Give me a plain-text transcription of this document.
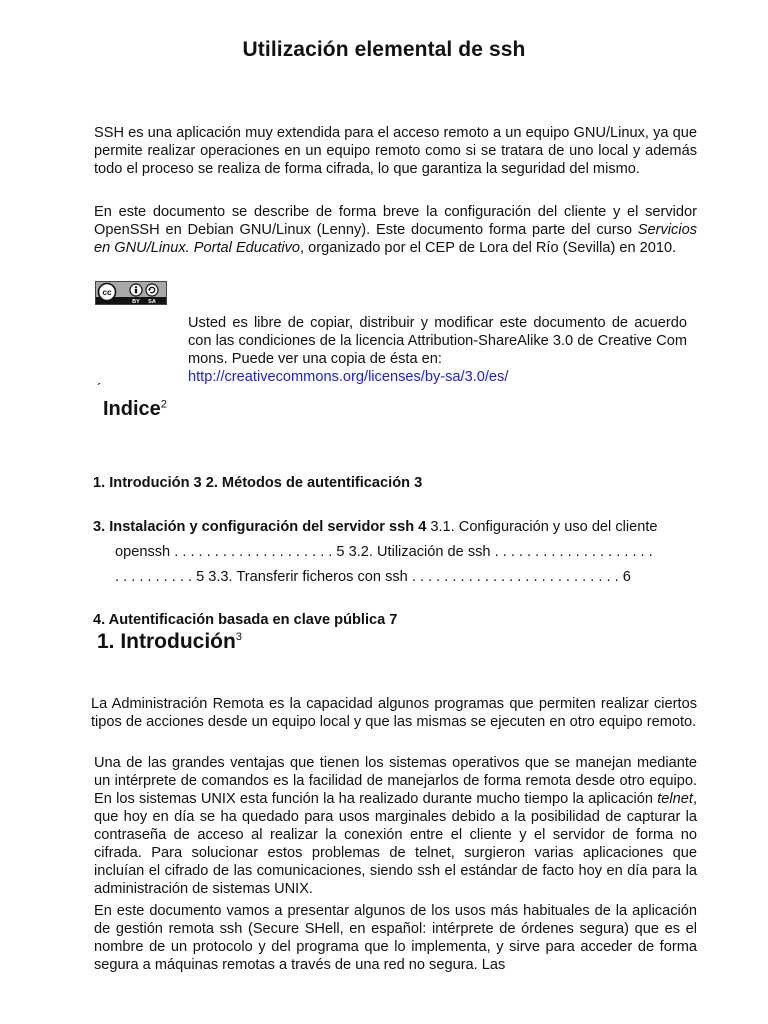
Utilización elemental de ssh

SSH es una aplicación muy extendida para el acceso remoto a un equipo GNU/Linux, ya que permite realizar operaciones en un equipo remoto como si se tratara de uno local y además todo el proceso se realiza de forma cifrada, lo que garantiza la seguridad del mismo.

En este documento se describe de forma breve la configuración del cliente y el servidor OpenSSH en Debian GNU/Linux (Lenny). Este documento forma parte del curso Servicios en GNU/Linux. Portal Educativo, organizado por el CEP de Lora del Río (Sevilla) en 2010.

cc
BY SA
Usted es libre de copiar, distribuir y modificar este documento de acuerdo con las condiciones de la licencia Attribution-ShareAlike 3.0 de Creative Com mons. Puede ver una copia de ésta en:
http://creativecommons.org/licenses/by-sa/3.0/es/
´
Indice$^2$
1. Introdución 3 2. Métodos de autentificación 3
3. Instalación y configuración del servidor ssh 4 3.1. Configuración y uso del cliente
openssh . . . . . . . . . . . . . . . . . . . . 5 3.2. Utilización de ssh . . . . . . . . . . . . . . . . . . . .
. . . . . . . . . . 5 3.3. Transferir ficheros con ssh . . . . . . . . . . . . . . . . . . . . . . . . . . 6
4. Autentificación basada en clave pública 7
1. Introdución$^3$

La Administración Remota es la capacidad algunos programas que permiten realizar ciertos tipos de acciones desde un equipo local y que las mismas se ejecuten en otro equipo remoto.

Una de las grandes ventajas que tienen los sistemas operativos que se manejan mediante un intérprete de comandos es la facilidad de manejarlos de forma remota desde otro equipo. En los sistemas UNIX esta función la ha realizado durante mucho tiempo la aplicación telnet, que hoy en día se ha quedado para usos marginales debido a la posibilidad de capturar la contraseña de acceso al realizar la conexión entre el cliente y el servidor de forma no cifrada. Para solucionar estos problemas de telnet, surgieron varias aplicaciones que incluían el cifrado de las comunicaciones, siendo ssh el estándar de facto hoy en día para la administración de sistemas UNIX.

En este documento vamos a presentar algunos de los usos más habituales de la aplicación de gestión remota ssh (Secure SHell, en español: intérprete de órdenes segura) que es el nombre de un protocolo y del programa que lo implementa, y sirve para acceder de forma segura a máquinas remotas a través de una red no segura. Las
